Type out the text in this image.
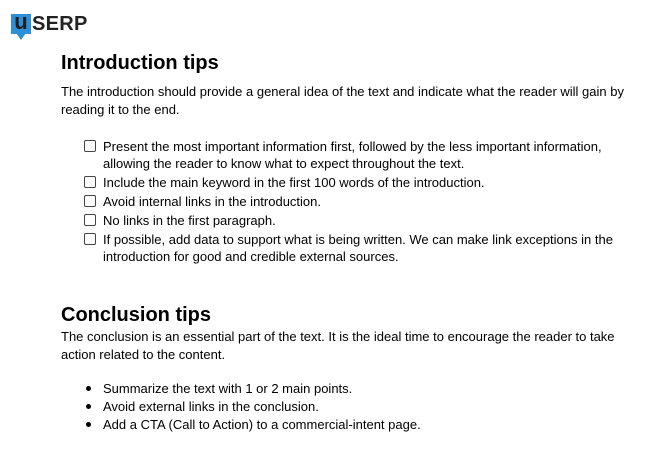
u SERP
Introduction tips

The introduction should provide a general idea of the text and indicate what the reader will gain by reading it to the end.

Present the most important information first, followed by the less important information, allowing the reader to know what to expect throughout the text.
Include the main keyword in the first 100 words of the introduction.
Avoid internal links in the introduction.
No links in the first paragraph.
If possible, add data to support what is being written. We can make link exceptions in the introduction for good and credible external sources.
Conclusion tips

The conclusion is an essential part of the text. It is the ideal time to encourage the reader to take action related to the content.

Summarize the text with 1 or 2 main points.
Avoid external links in the conclusion.
Add a CTA (Call to Action) to a commercial-intent page.
